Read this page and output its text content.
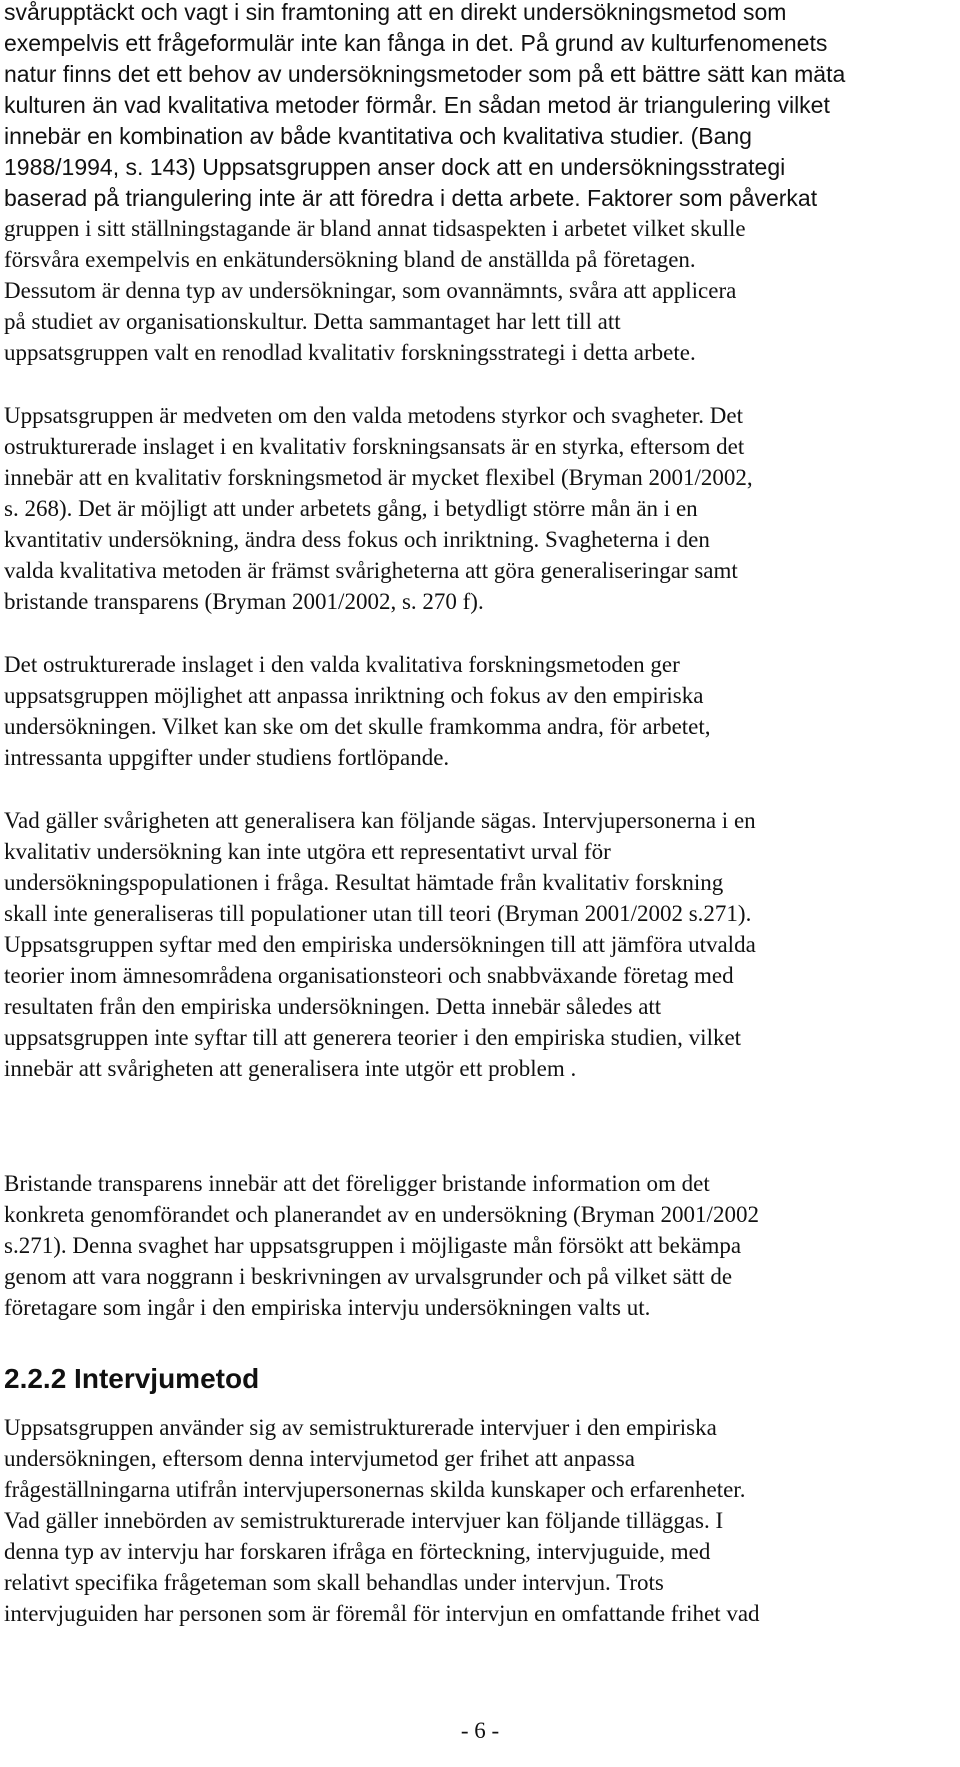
svårupptäckt och vagt i sin framtoning att en direkt undersökningsmetod som
exempelvis ett frågeformulär inte kan fånga in det. På grund av kulturfenomenets
natur finns det ett behov av undersökningsmetoder som på ett bättre sätt kan mäta
kulturen än vad kvalitativa metoder förmår. En sådan metod är triangulering vilket
innebär en kombination av både kvantitativa och kvalitativa studier. (Bang
1988/1994, s. 143) Uppsatsgruppen anser dock att en undersökningsstrategi
baserad på triangulering inte är att föredra i detta arbete. Faktorer som påverkat
gruppen i sitt ställningstagande är bland annat tidsaspekten i arbetet vilket skulle
försvåra exempelvis en enkätundersökning bland de anställda på företagen.
Dessutom är denna typ av undersökningar, som ovannämnts, svåra att applicera
på studiet av organisationskultur. Detta sammantaget har lett till att
uppsatsgruppen valt en renodlad kvalitativ forskningsstrategi i detta arbete.
Uppsatsgruppen är medveten om den valda metodens styrkor och svagheter. Det
ostrukturerade inslaget i en kvalitativ forskningsansats är en styrka, eftersom det
innebär att en kvalitativ forskningsmetod är mycket flexibel (Bryman 2001/2002,
s. 268). Det är möjligt att under arbetets gång, i betydligt större mån än i en
kvantitativ undersökning, ändra dess fokus och inriktning. Svagheterna i den
valda kvalitativa metoden är främst svårigheterna att göra generaliseringar samt
bristande transparens (Bryman 2001/2002, s. 270 f).
Det ostrukturerade inslaget i den valda kvalitativa forskningsmetoden ger
uppsatsgruppen möjlighet att anpassa inriktning och fokus av den empiriska
undersökningen. Vilket kan ske om det skulle framkomma andra, för arbetet,
intressanta uppgifter under studiens fortlöpande.
Vad gäller svårigheten att generalisera kan följande sägas. Intervjupersonerna i en
kvalitativ undersökning kan inte utgöra ett representativt urval för
undersökningspopulationen i fråga. Resultat hämtade från kvalitativ forskning
skall inte generaliseras till populationer utan till teori (Bryman 2001/2002 s.271).
Uppsatsgruppen syftar med den empiriska undersökningen till att jämföra utvalda
teorier inom ämnesområdena organisationsteori och snabbväxande företag med
resultaten från den empiriska undersökningen. Detta innebär således att
uppsatsgruppen inte syftar till att generera teorier i den empiriska studien, vilket
innebär att svårigheten att generalisera inte utgör ett problem .
Bristande transparens innebär att det föreligger bristande information om det
konkreta genomförandet och planerandet av en undersökning (Bryman 2001/2002
s.271). Denna svaghet har uppsatsgruppen i möjligaste mån försökt att bekämpa
genom att vara noggrann i beskrivningen av urvalsgrunder och på vilket sätt de
företagare som ingår i den empiriska intervju undersökningen valts ut.
2.2.2 Intervjumetod
Uppsatsgruppen använder sig av semistrukturerade intervjuer i den empiriska
undersökningen, eftersom denna intervjumetod ger frihet att anpassa
frågeställningarna utifrån intervjupersonernas skilda kunskaper och erfarenheter.
Vad gäller innebörden av semistrukturerade intervjuer kan följande tilläggas. I
denna typ av intervju har forskaren ifråga en förteckning, intervjuguide, med
relativt specifika frågeteman som skall behandlas under intervjun. Trots
intervjuguiden har personen som är föremål för intervjun en omfattande frihet vad
- 6 -
